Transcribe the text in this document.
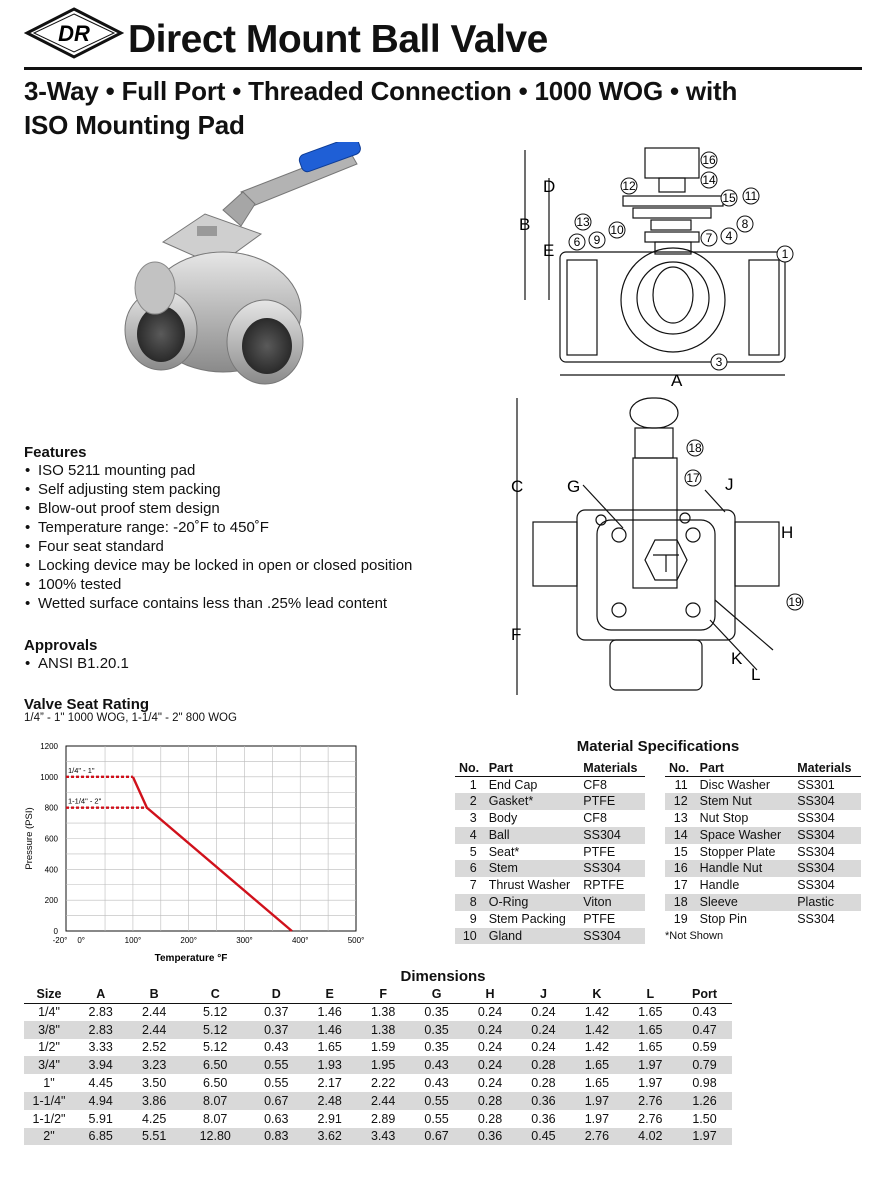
DR Direct Mount Ball Valve
3-Way • Full Port • Threaded Connection • 1000 WOG • with ISO Mounting Pad
Features
• ISO 5211 mounting pad
• Self adjusting stem packing
• Blow-out proof stem design
• Temperature range: -20˚F to 450˚F
• Four seat standard
• Locking device may be locked in open or closed position
• 100% tested
• Wetted surface contains less than .25% lead content
Approvals
• ANSI B1.20.1
Valve Seat Rating
1/4” - 1" 1000 WOG, 1-1/4" - 2" 800 WOG
0
200
400
600
800
1000
1200
-20° 0°	100°	200°	300°	400°	500°
Temperature °F
Pressure (PSI)
1/4" - 1"
1-1/4" - 2"
A
B
C
D
E
F
G
H
J
K
L
1
3
4
6	7
8
9
10
11
12
13
14
15
16
17
18
19
Material Specifications
No.	Part	Materials
1	End Cap	CF8
2	Gasket*	PTFE
3	Body	CF8
4	Ball	SS304
5	Seat*	PTFE
6	Stem	SS304
7	Thrust Washer	RPTFE
8	O-Ring	Viton
9	Stem Packing	PTFE
10	Gland	SS304
No.	Part	Materials
11	Disc Washer	SS301
12	Stem Nut	SS304
13	Nut Stop	SS304
14	Space Washer	SS304
15	Stopper Plate	SS304
16	Handle Nut	SS304
17	Handle	SS304
18	Sleeve	Plastic
19	Stop Pin	SS304
*Not Shown
Dimensions
Size	A	B	C	D	E	F	G	H	J	K	L	Port
1/4"	2.83	2.44	5.12	0.37	1.46	1.38	0.35	0.24	0.24	1.42	1.65	0.43
3/8"	2.83	2.44	5.12	0.37	1.46	1.38	0.35	0.24	0.24	1.42	1.65	0.47
1/2"	3.33	2.52	5.12	0.43	1.65	1.59	0.35	0.24	0.24	1.42	1.65	0.59
3/4"	3.94	3.23	6.50	0.55	1.93	1.95	0.43	0.24	0.28	1.65	1.97	0.79
1"	4.45	3.50	6.50	0.55	2.17	2.22	0.43	0.24	0.28	1.65	1.97	0.98
1-1/4"	4.94	3.86	8.07	0.67	2.48	2.44	0.55	0.28	0.36	1.97	2.76	1.26
1-1/2"	5.91	4.25	8.07	0.63	2.91	2.89	0.55	0.28	0.36	1.97	2.76	1.50
2"	6.85	5.51	12.80	0.83	3.62	3.43	0.67	0.36	0.45	2.76	4.02	1.97
